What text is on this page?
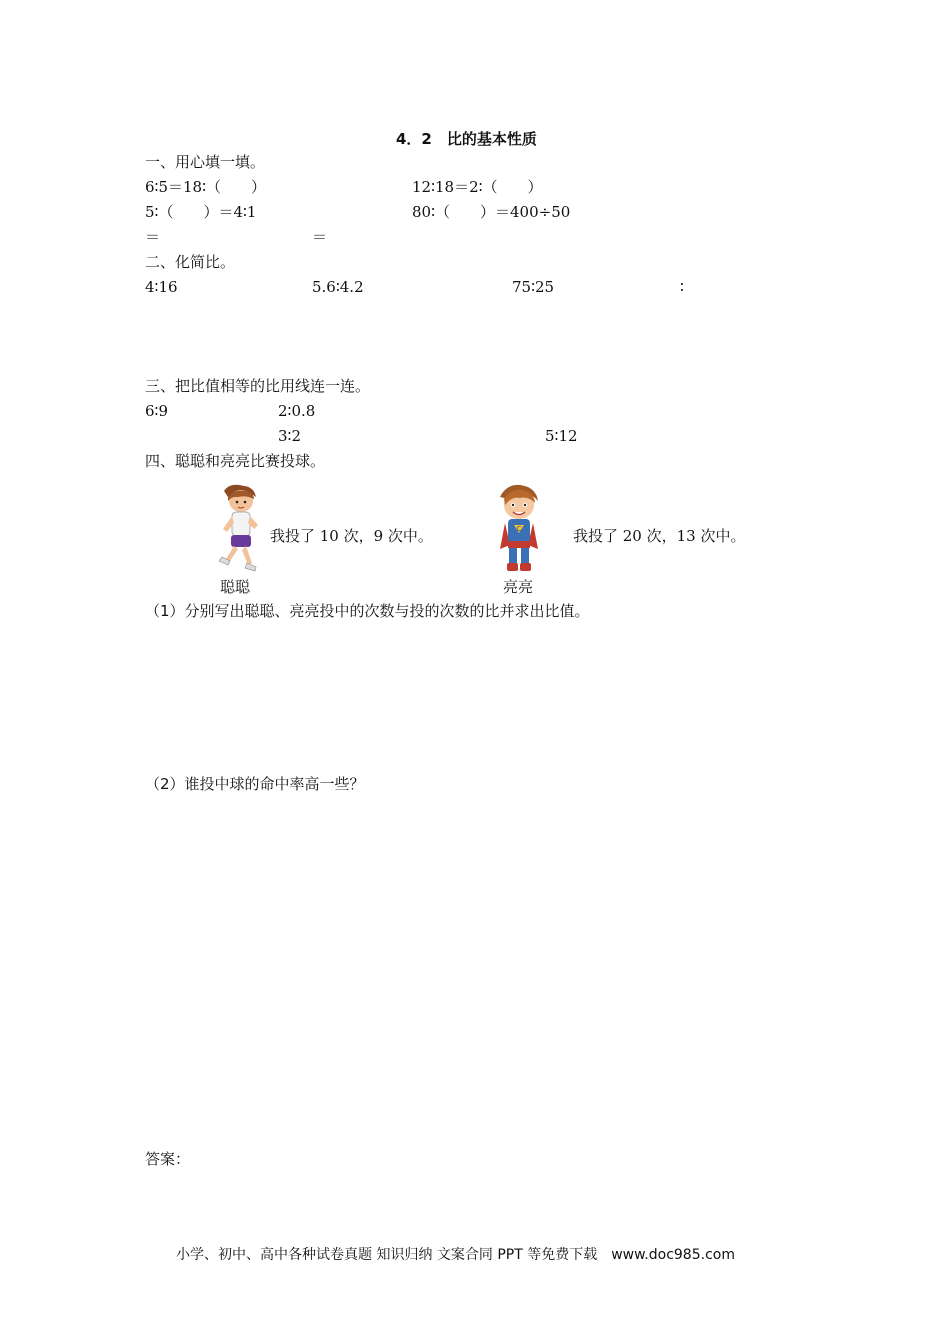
4．2　比的基本性质
一、用心填一填。
6∶5＝18∶（　　）	12∶18＝2∶（　　）
5∶（　　）＝4∶1	80∶（　　）＝400÷50
＝	＝
二、化简比。
4∶16	5.6∶4.2	75∶25	∶
三、把比值相等的比用线连一连。
6∶9	2∶0.8
3∶2	5∶12
四、聪聪和亮亮比赛投球。
我投了 10 次，9 次中。
聪聪
C	我投了 20 次，13 次中。
亮亮
（1）分别写出聪聪、亮亮投中的次数与投的次数的比并求出比值。
（2）谁投中球的命中率高一些？
答案：
小学、初中、高中各种试卷真题 知识归纳 文案合同 PPT 等免费下载　www.doc985.com
